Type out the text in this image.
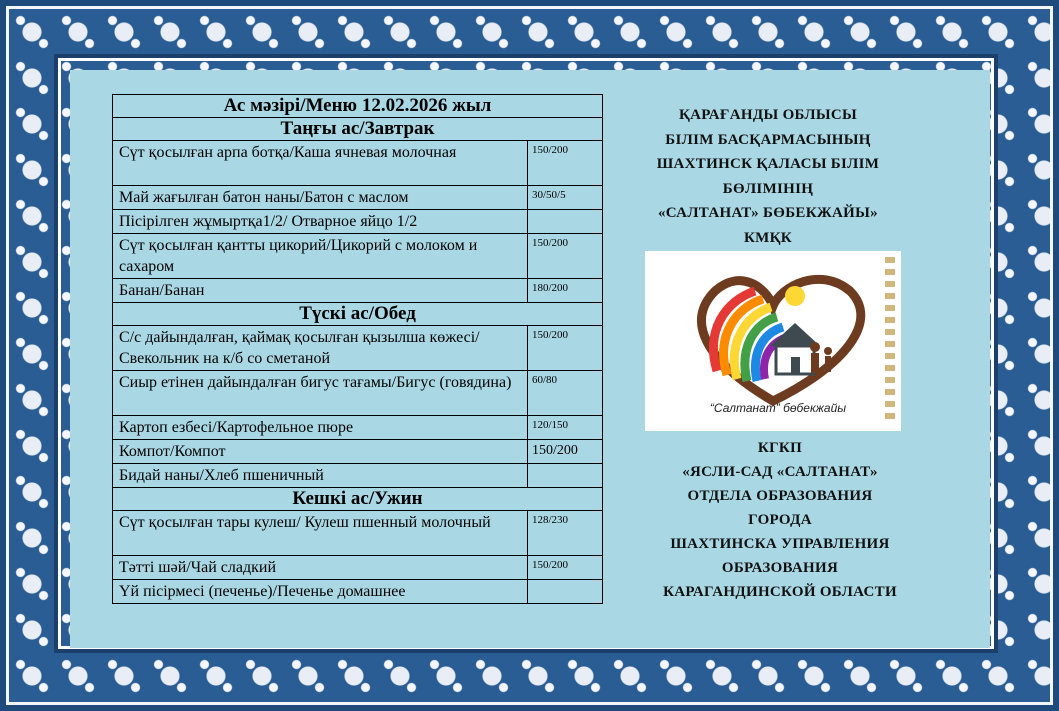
Ас мәзірі/Меню 12.02.2026 жыл	
Таңғы ас/Завтрак	
Сүт қосылған арпа ботқа/Каша ячневая молочная	150/200
Май жағылған батон наны/Батон с маслом	30/50/5
Пісірілген жұмыртқа1/2/ Отварное яйцо 1/2	
Сүт қосылған қантты цикорий/Цикорий с молоком и сахаром	150/200
Банан/Банан	180/200
Түскі ас/Обед	
С/с дайындалған, қаймақ қосылған қызылша көжесі/Свекольник на к/б со сметаной	150/200
Сиыр етінен дайындалған бигус тағамы/Бигус (говядина)	60/80
Картоп езбесі/Картофельное пюре	120/150
Компот/Компот	150/200
Бидай наны/Хлеб пшеничный	
Кешкі ас/Ужин	
Сүт қосылған тары кулеш/ Кулеш пшенный молочный	128/230
Тәтті шәй/Чай сладкий	150/200
Үй пісірмесі (печенье)/Печенье домашнее	
ҚАРАҒАНДЫ ОБЛЫСЫ
БІЛІМ БАСҚАРМАСЫНЫҢ
ШАХТИНСК ҚАЛАСЫ БІЛІМ
БӨЛІМІНІҢ
«САЛТАНАТ» БӨБЕКЖАЙЫ»
КМҚК
“Салтанат” бөбекжайы
КГКП
«ЯСЛИ-САД «САЛТАНАТ»
ОТДЕЛА ОБРАЗОВАНИЯ
ГОРОДА
ШАХТИНСКА УПРАВЛЕНИЯ
ОБРАЗОВАНИЯ
КАРАГАНДИНСКОЙ ОБЛАСТИ
